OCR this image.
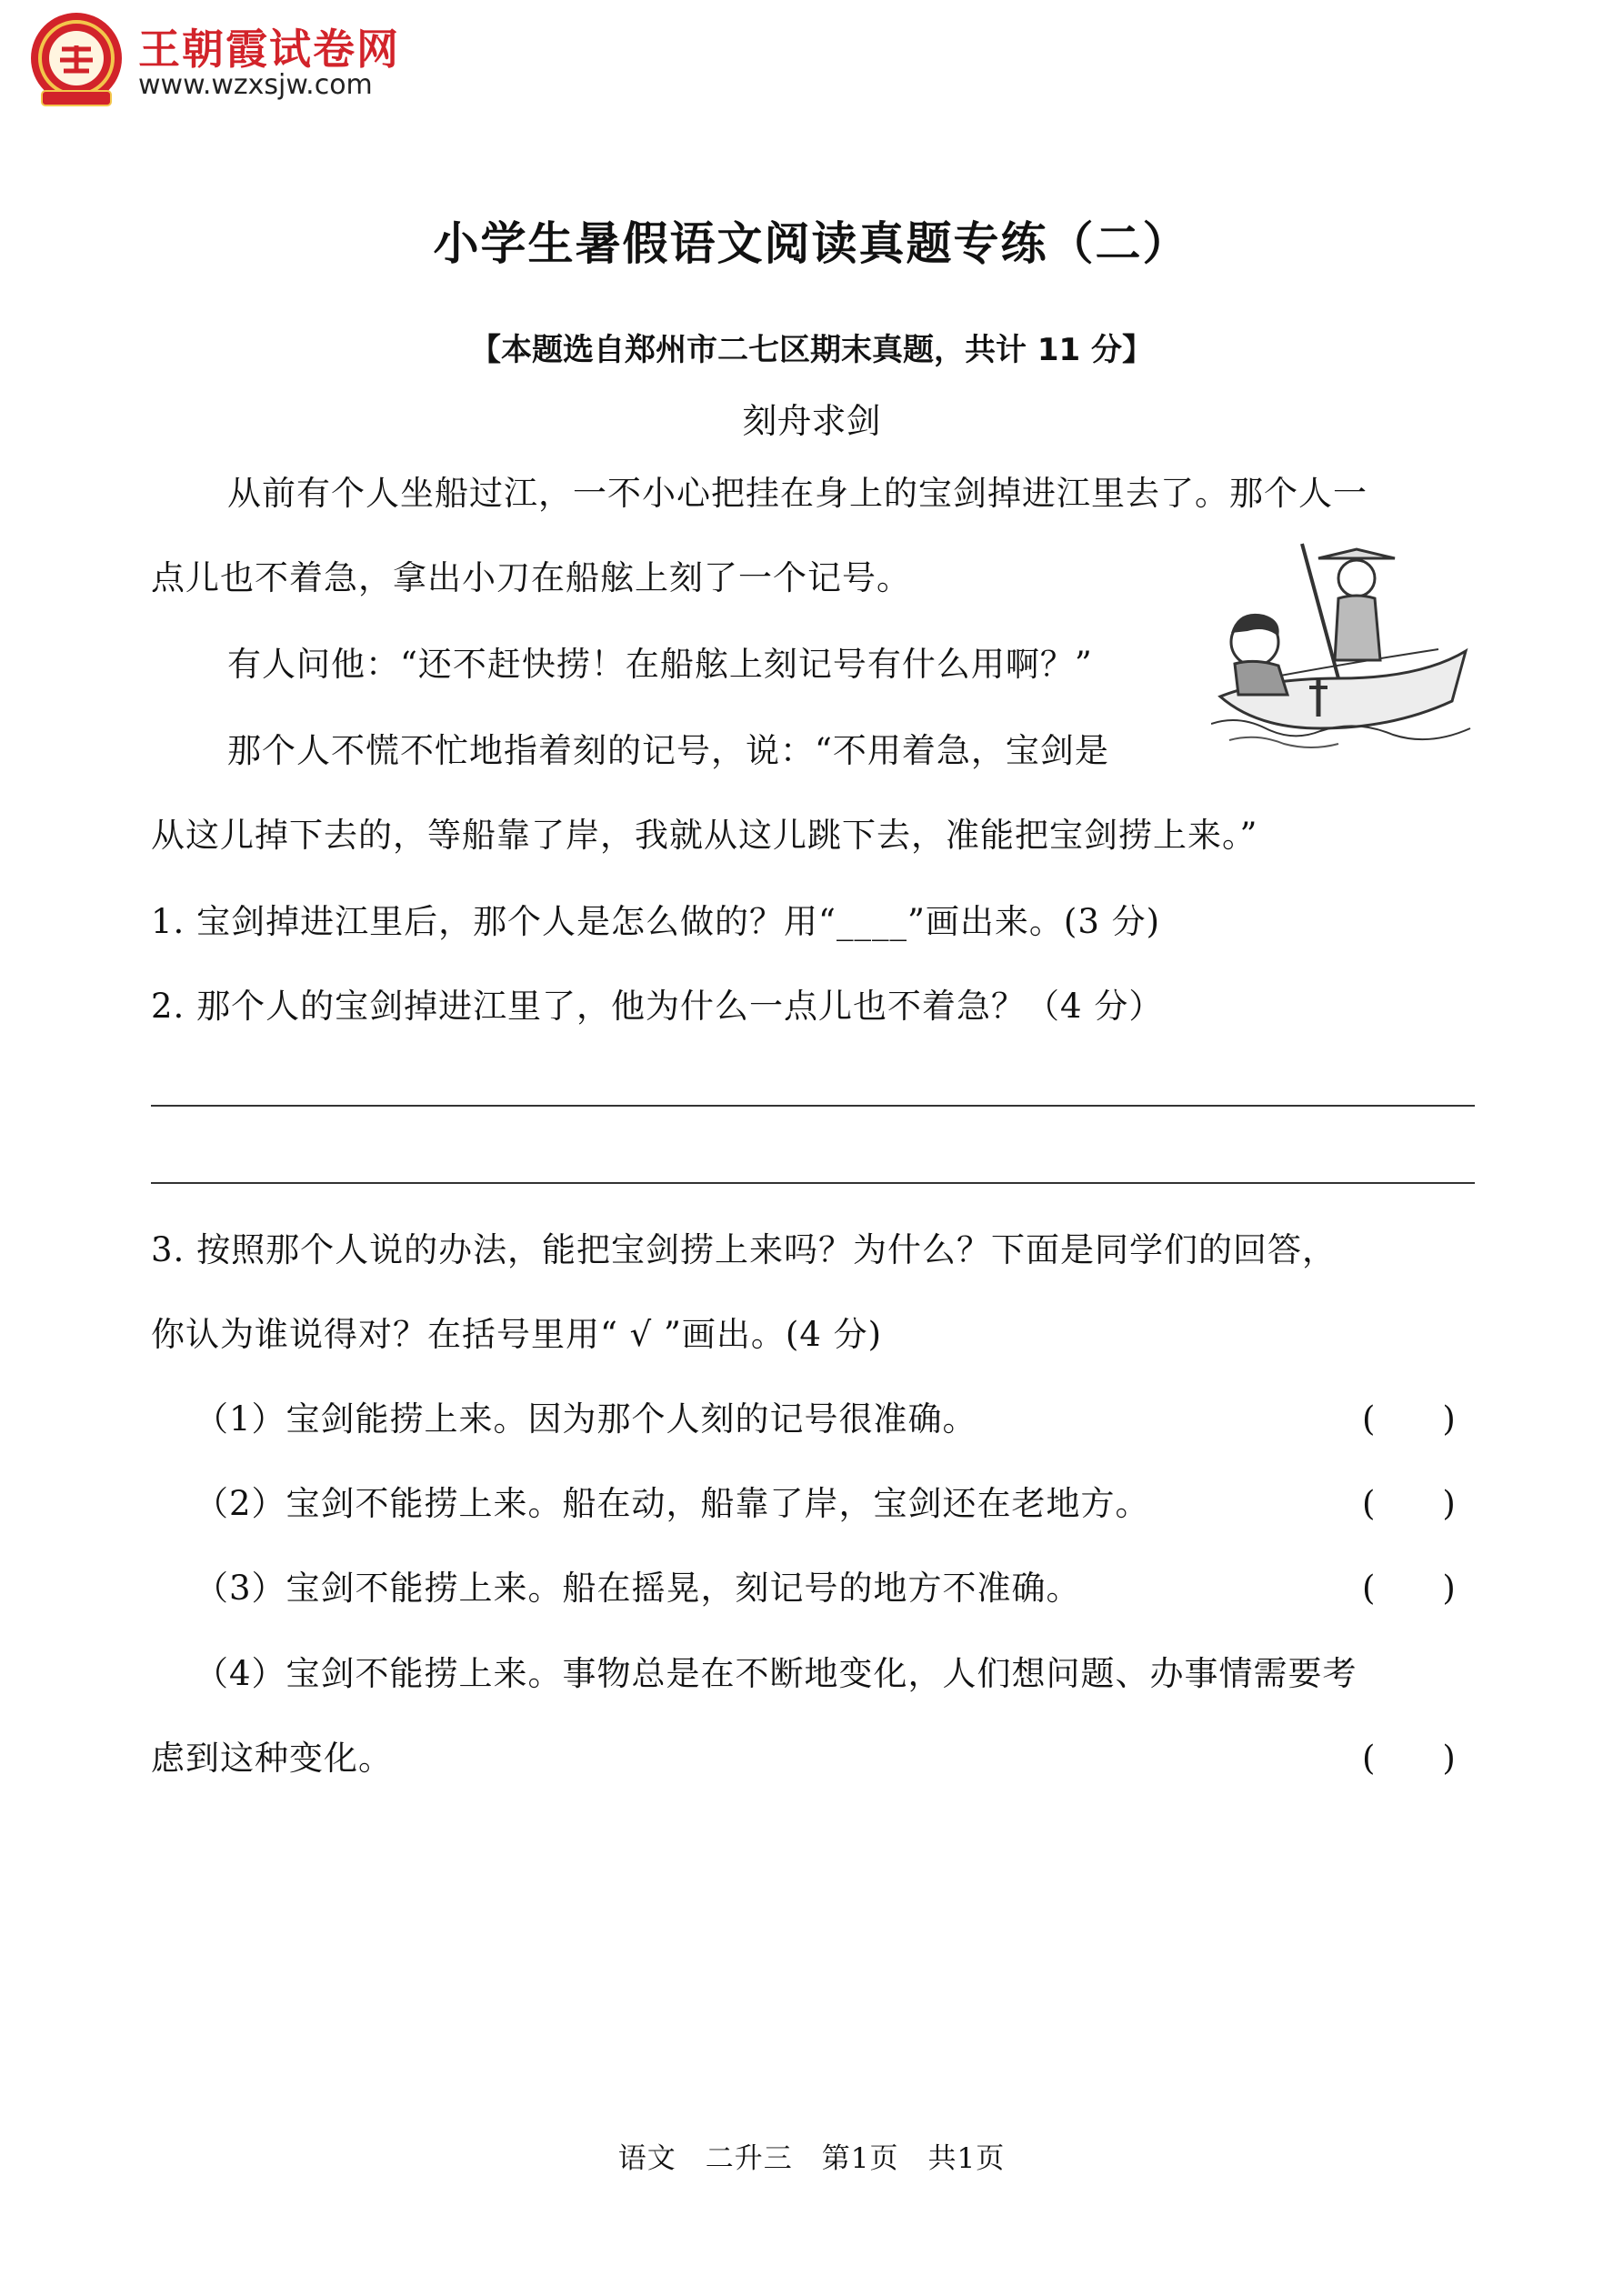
王朝霞试卷网
www.wzxsjw.com
小学生暑假语文阅读真题专练（二）
【本题选自郑州市二七区期末真题，共计 11 分】
刻舟求剑
从前有个人坐船过江，一不小心把挂在身上的宝剑掉进江里去了。那个人一
点儿也不着急，拿出小刀在船舷上刻了一个记号。
有人问他：“还不赶快捞！在船舷上刻记号有什么用啊？”
那个人不慌不忙地指着刻的记号，说：“不用着急，宝剑是
从这儿掉下去的，等船靠了岸，我就从这儿跳下去，准能把宝剑捞上来。”
1. 宝剑掉进江里后，那个人是怎么做的？用“____”画出来。(3 分)
2. 那个人的宝剑掉进江里了，他为什么一点儿也不着急？（4 分）
3. 按照那个人说的办法，能把宝剑捞上来吗？为什么？下面是同学们的回答，
你认为谁说得对？在括号里用“ √ ”画出。(4 分)
（1）宝剑能捞上来。因为那个人刻的记号很准确。	(　　)
（2）宝剑不能捞上来。船在动，船靠了岸，宝剑还在老地方。	(　　)
（3）宝剑不能捞上来。船在摇晃，刻记号的地方不准确。	(　　)
（4）宝剑不能捞上来。事物总是在不断地变化，人们想问题、办事情需要考
虑到这种变化。	(　　)
语文　二升三　第1页　共1页
